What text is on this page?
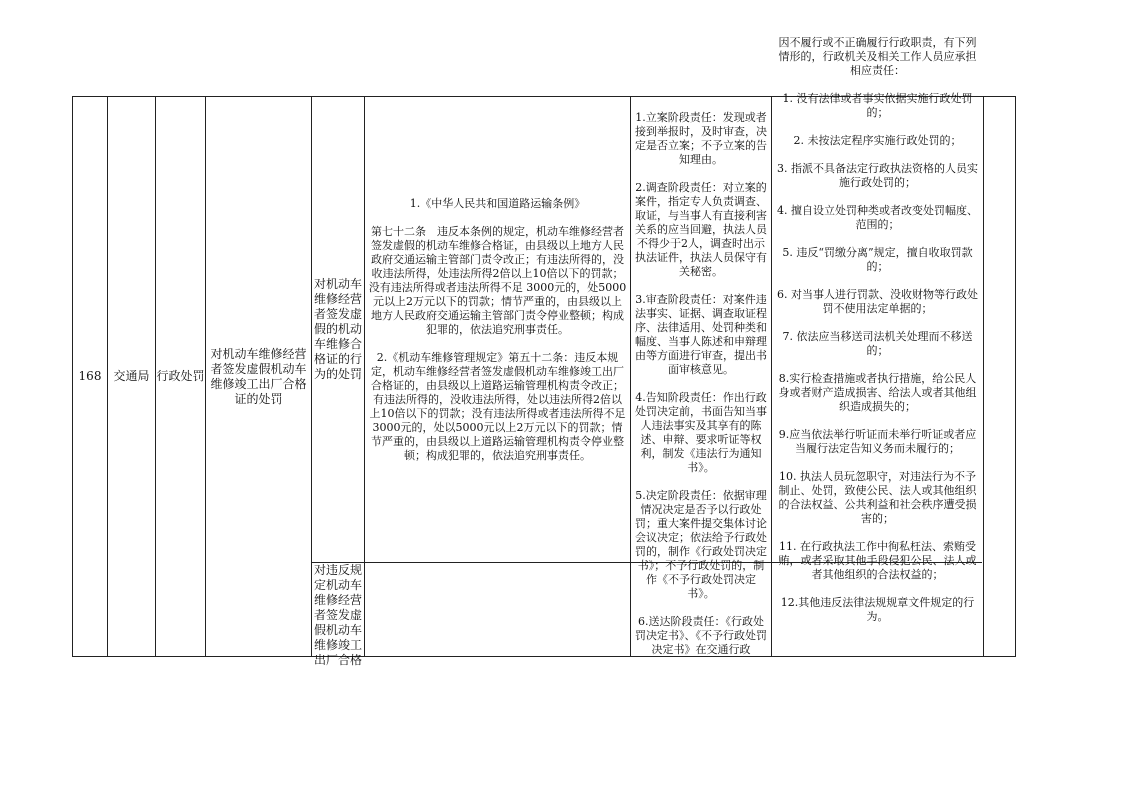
168 交通局 行政处罚
对机动车维修经营者签发虚假机动车维修竣工出厂合格证的处罚
对机动车维修经营者签发虚假的机动车维修合格证的行为的处罚
对违反规定机动车维修经营者签发虚假机动车维修竣工出厂合格

1.《中华人民共和国道路运输条例》

第七十二条　违反本条例的规定，机动车维修经营者签发虚假的机动车维修合格证，由县级以上地方人民政府交通运输主管部门责令改正；有违法所得的，没收违法所得，处违法所得2倍以上10倍以下的罚款；没有违法所得或者违法所得不足 3000元的，处5000元以上2万元以下的罚款；情节严重的，由县级以上地方人民政府交通运输主管部门责令停业整顿；构成犯罪的，依法追究刑事责任。

2.《机动车维修管理规定》第五十二条：违反本规定，机动车维修经营者签发虚假机动车维修竣工出厂合格证的，由县级以上道路运输管理机构责令改正；有违法所得的，没收违法所得，处以违法所得2倍以上10倍以下的罚款；没有违法所得或者违法所得不足3000元的，处以5000元以上2万元以下的罚款；情节严重的，由县级以上道路运输管理机构责令停业整顿；构成犯罪的，依法追究刑事责任。

1.立案阶段责任：发现或者接到举报时，及时审查，决定是否立案；不予立案的告知理由。

2.调查阶段责任：对立案的案件，指定专人负责调查、取证，与当事人有直接利害关系的应当回避，执法人员不得少于2人，调查时出示执法证件，执法人员保守有关秘密。

3.审查阶段责任：对案件违法事实、证据、调查取证程序、法律适用、处罚种类和幅度、当事人陈述和申辩理由等方面进行审查，提出书面审核意见。

4.告知阶段责任：作出行政处罚决定前，书面告知当事人违法事实及其享有的陈述、申辩、要求听证等权利，制发《违法行为通知书》。

5.决定阶段责任：依据审理情况决定是否予以行政处罚；重大案件提交集体讨论会议决定；依法给予行政处罚的，制作《行政处罚决定书》；不予行政处罚的，制作《不予行政处罚决定书》。

6.送达阶段责任：《行政处罚决定书》、《不予行政处罚决定书》在交通行政

因不履行或不正确履行行政职责，有下列情形的，行政机关及相关工作人员应承担相应责任：

1. 没有法律或者事实依据实施行政处罚的；

2. 未按法定程序实施行政处罚的；

3. 指派不具备法定行政执法资格的人员实施行政处罚的；

4. 擅自设立处罚种类或者改变处罚幅度、范围的；

5. 违反“罚缴分离”规定，擅自收取罚款的；

6. 对当事人进行罚款、没收财物等行政处罚不使用法定单据的；

7. 依法应当移送司法机关处理而不移送的；

8.实行检查措施或者执行措施，给公民人身或者财产造成损害、给法人或者其他组织造成损失的；

9.应当依法举行听证而未举行听证或者应当履行法定告知义务而未履行的；

10. 执法人员玩忽职守，对违法行为不予制止、处罚，致使公民、法人或其他组织的合法权益、公共利益和社会秩序遭受损害的；

11. 在行政执法工作中徇私枉法、索贿受贿，或者采取其他手段侵犯公民、法人或者其他组织的合法权益的；

12.其他违反法律法规规章文件规定的行为。
